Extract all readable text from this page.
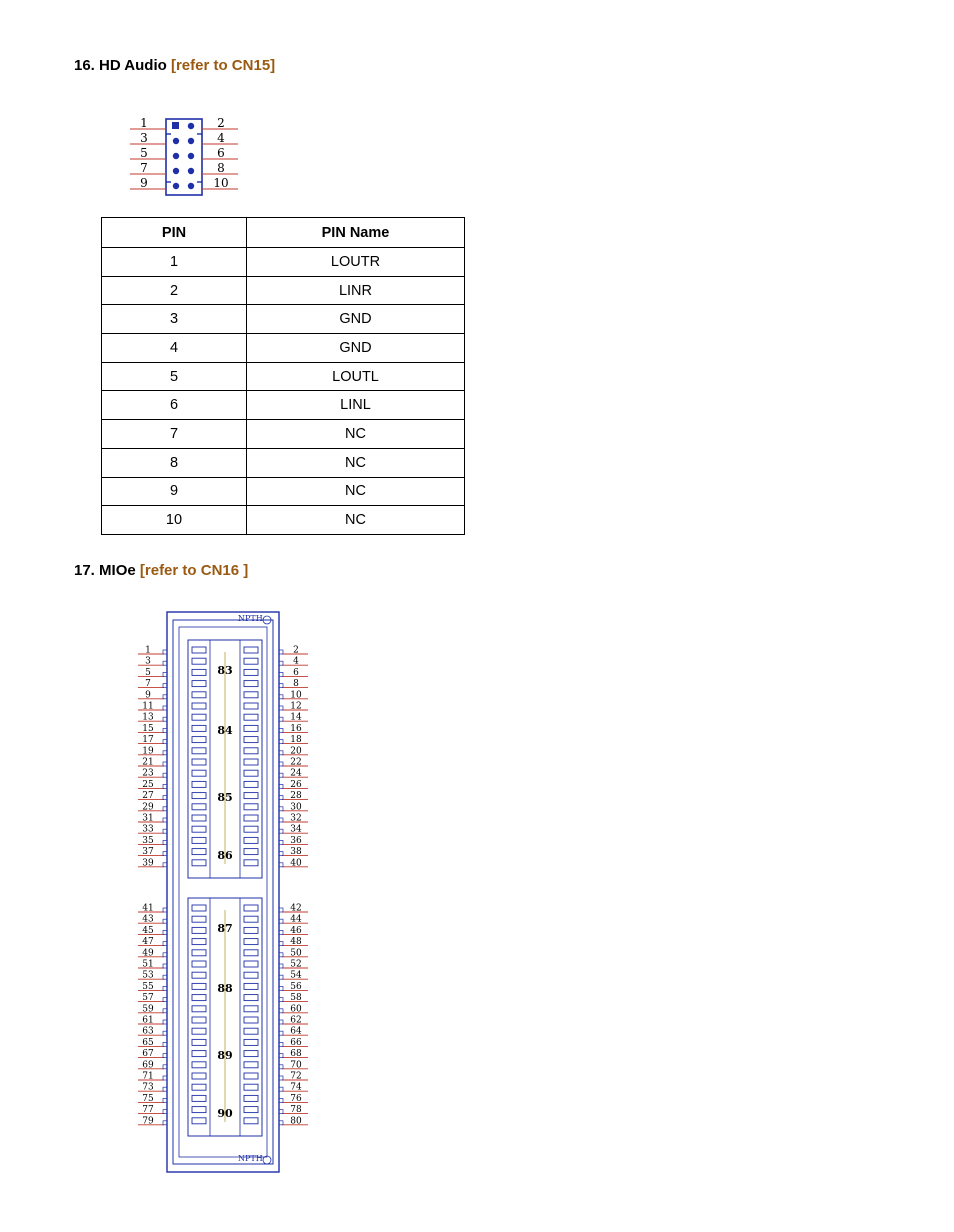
16. HD Audio [refer to CN15]
1	2
3	4
5	6
7	8
9	10
PIN	PIN Name
1	LOUTR
2	LINR
3	GND
4	GND
5	LOUTL
6	LINL
7	NC
8	NC
9	NC
10	NC
17. MIOe [refer to CN16 ]
NPTH
NPTH
1	2
3	4
5	6
7	8
9	10
11	12
13	14
15	16
17	18
19	20
21	22
23	24
25	26
27	28
29	30
31	32
33	34
35	36
37	38
39	40
83
84
85
86
41	42
43	44
45	46
47	48
49	50
51	52
53	54
55	56
57	58
59	60
61	62
63	64
65	66
67	68
69	70
71	72
73	74
75	76
77	78
79	80
87
88
89
90
